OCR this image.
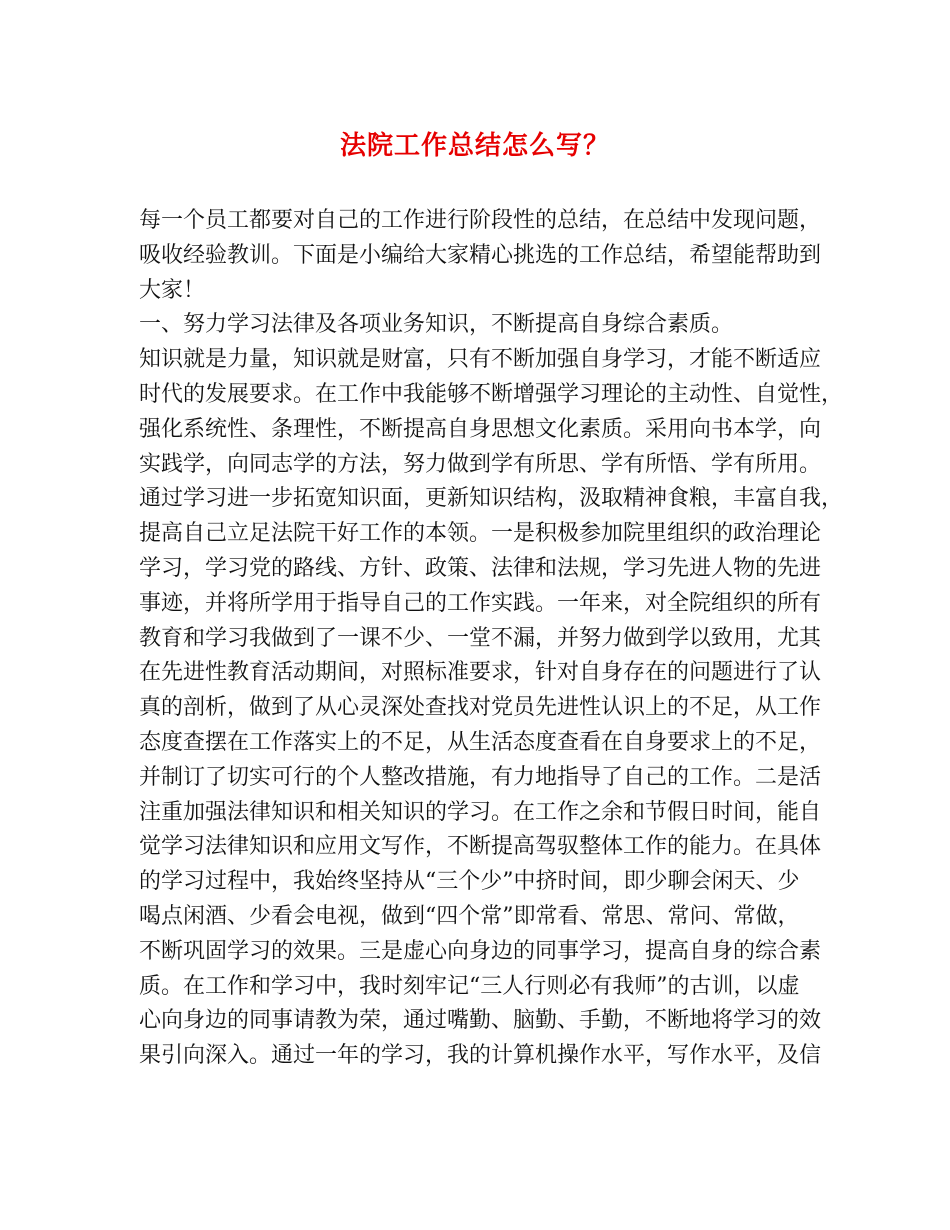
法院工作总结怎么写？
每一个员工都要对自己的工作进行阶段性的总结，在总结中发现问题，
吸收经验教训。下面是小编给大家精心挑选的工作总结，希望能帮助到
大家！
一、努力学习法律及各项业务知识，不断提高自身综合素质。
知识就是力量，知识就是财富，只有不断加强自身学习，才能不断适应
时代的发展要求。在工作中我能够不断增强学习理论的主动性、自觉性，
强化系统性、条理性，不断提高自身思想文化素质。采用向书本学，向
实践学，向同志学的方法，努力做到学有所思、学有所悟、学有所用。
通过学习进一步拓宽知识面，更新知识结构，汲取精神食粮，丰富自我，
提高自己立足法院干好工作的本领。一是积极参加院里组织的政治理论
学习，学习党的路线、方针、政策、法律和法规，学习先进人物的先进
事迹，并将所学用于指导自己的工作实践。一年来，对全院组织的所有
教育和学习我做到了一课不少、一堂不漏，并努力做到学以致用，尤其
在先进性教育活动期间，对照标准要求，针对自身存在的问题进行了认
真的剖析，做到了从心灵深处查找对党员先进性认识上的不足，从工作
态度查摆在工作落实上的不足，从生活态度查看在自身要求上的不足，
并制订了切实可行的个人整改措施，有力地指导了自己的工作。二是活
注重加强法律知识和相关知识的学习。在工作之余和节假日时间，能自
觉学习法律知识和应用文写作，不断提高驾驭整体工作的能力。在具体
的学习过程中，我始终坚持从“三个少”中挤时间，即少聊会闲天、少
喝点闲酒、少看会电视，做到“四个常”即常看、常思、常问、常做，
不断巩固学习的效果。三是虚心向身边的同事学习，提高自身的综合素
质。在工作和学习中，我时刻牢记“三人行则必有我师”的古训，以虚
心向身边的同事请教为荣，通过嘴勤、脑勤、手勤，不断地将学习的效
果引向深入。通过一年的学习，我的计算机操作水平，写作水平，及信
